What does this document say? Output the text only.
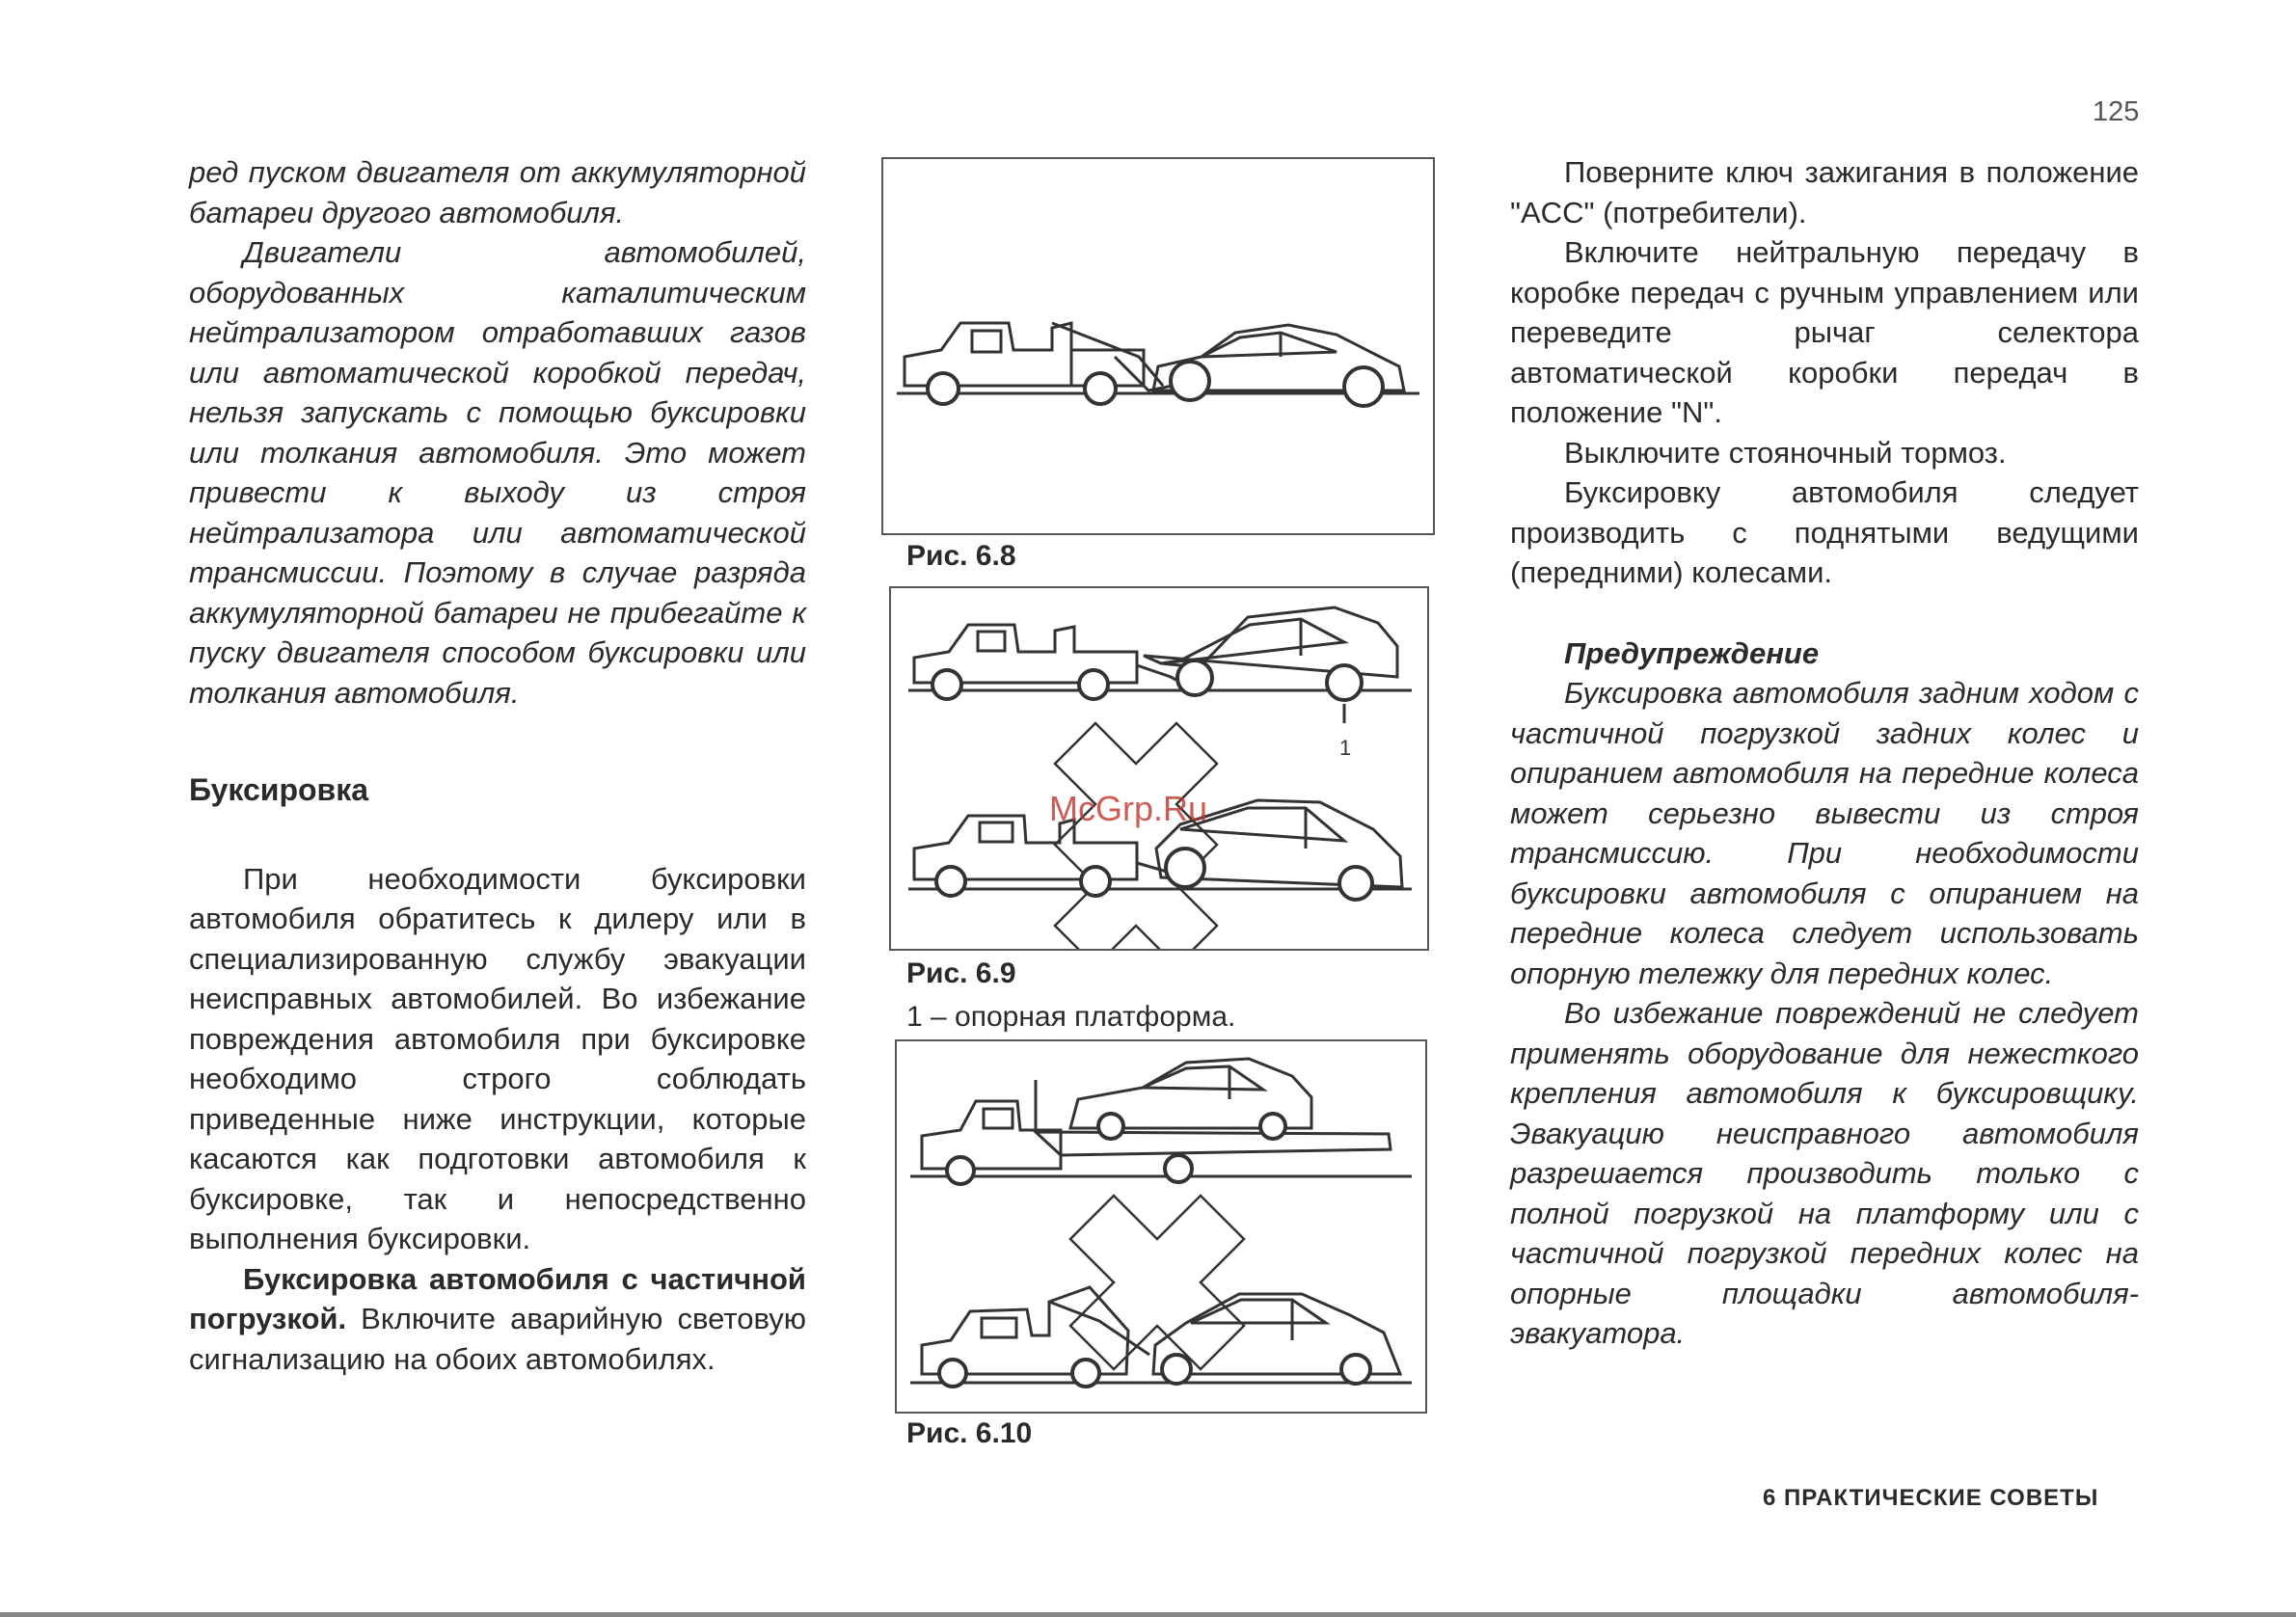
125

ред пуском двигателя от аккумуляторной батареи другого автомобиля.

Двигатели автомобилей, оборудованных каталитическим нейтрализатором отработавших газов или автоматической коробкой передач, нельзя запускать с помощью буксировки или толкания автомобиля. Это может привести к выходу из строя нейтрализатора или автоматической трансмиссии. Поэтому в случае разряда аккумуляторной батареи не прибегайте к пуску двигателя способом буксировки или толкания автомобиля.

Буксировка

При необходимости буксировки автомобиля обратитесь к дилеру или в специализированную службу эвакуации неисправных автомобилей. Во избежание повреждения автомобиля при буксировке необходимо строго соблюдать приведенные ниже инструкции, которые касаются как подготовки автомобиля к буксировке, так и непосредственно выполнения буксировки.

Буксировка автомобиля с частичной погрузкой. Включите аварийную световую сигнализацию на обоих автомобилях.

Рис. 6.8
1
Рис. 6.9
1 – опорная платформа.
Рис. 6.10

Поверните ключ зажигания в положение "ACC" (потребители).

Включите нейтральную передачу в коробке передач с ручным управлением или переведите рычаг селектора автоматической коробки передач в положение "N".

Выключите стояночный тормоз.

Буксировку автомобиля следует производить с поднятыми ведущими (передними) колесами.

Предупреждение

Буксировка автомобиля задним ходом с частичной погрузкой задних колес и опиранием автомобиля на передние колеса может серьезно вывести из строя трансмиссию. При необходимости буксировки автомобиля с опиранием на передние колеса следует использовать опорную тележку для передних колес.

Во избежание повреждений не следует применять оборудование для нежесткого крепления автомобиля к буксировщику. Эвакуацию неисправного автомобиля разрешается производить только с полной погрузкой на платформу или с частичной погрузкой передних колес на опорные площадки автомобиля-эвакуатора.

McGrp.Ru
6 ПРАКТИЧЕСКИЕ СОВЕТЫ
